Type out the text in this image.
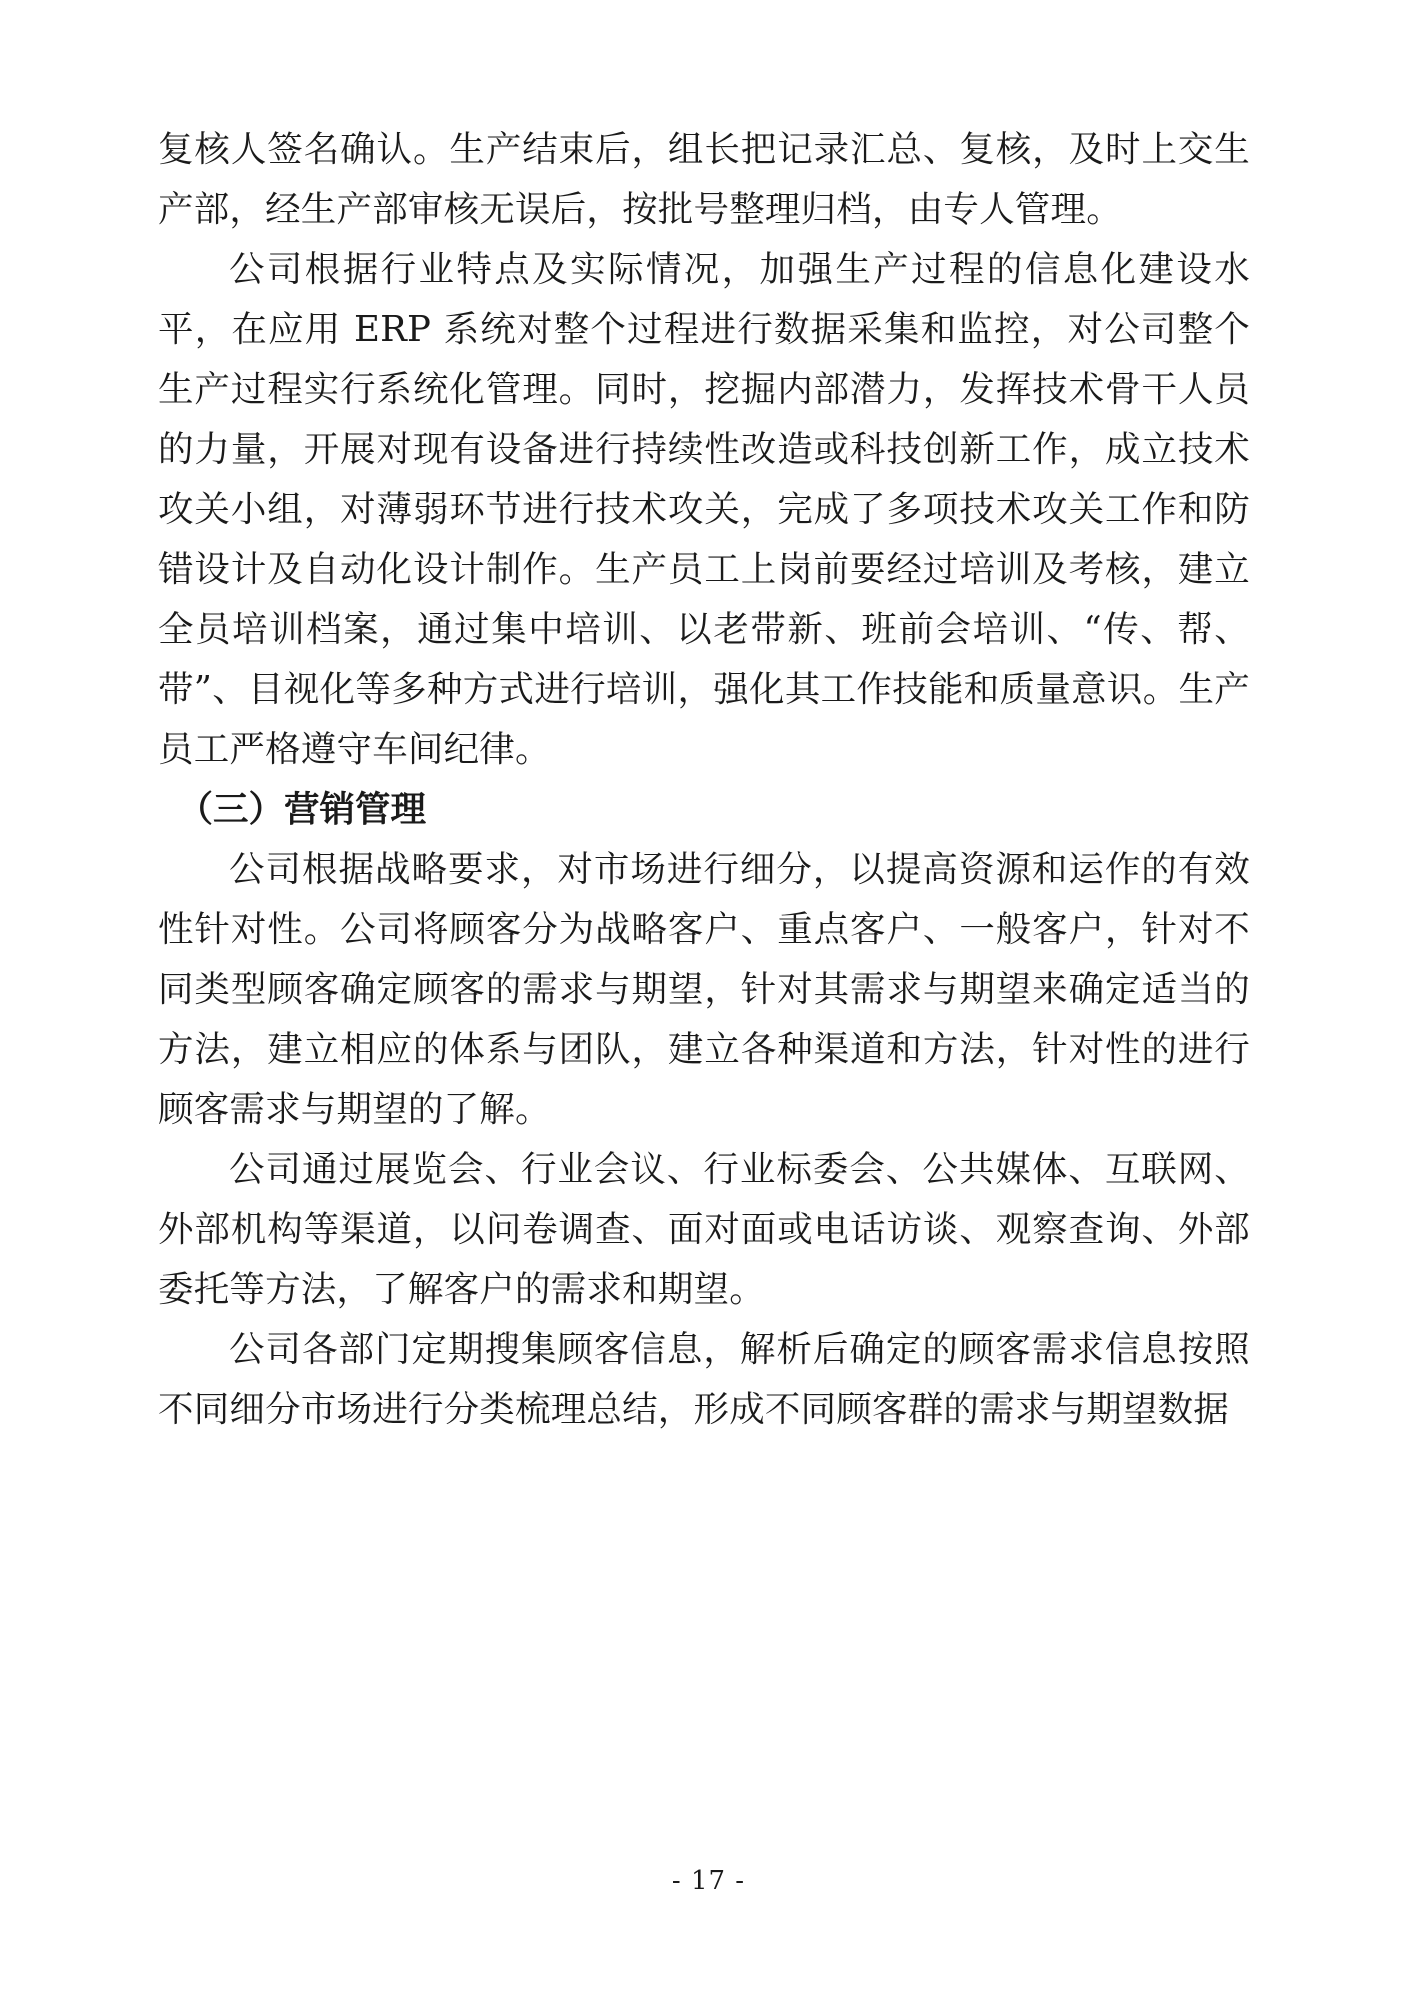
复核人签名确认。生产结束后，组长把记录汇总、复核，及时上交生产部，经生产部审核无误后，按批号整理归档，由专人管理。

公司根据行业特点及实际情况，加强生产过程的信息化建设水平，在应用 ERP 系统对整个过程进行数据采集和监控，对公司整个生产过程实行系统化管理。同时，挖掘内部潜力，发挥技术骨干人员的力量，开展对现有设备进行持续性改造或科技创新工作，成立技术攻关小组，对薄弱环节进行技术攻关，完成了多项技术攻关工作和防错设计及自动化设计制作。生产员工上岗前要经过培训及考核，建立全员培训档案，通过集中培训、以老带新、班前会培训、“传、帮、带”、目视化等多种方式进行培训，强化其工作技能和质量意识。生产员工严格遵守车间纪律。

（三）营销管理

公司根据战略要求，对市场进行细分，以提高资源和运作的有效性针对性。公司将顾客分为战略客户、重点客户、一般客户，针对不同类型顾客确定顾客的需求与期望，针对其需求与期望来确定适当的方法，建立相应的体系与团队，建立各种渠道和方法，针对性的进行顾客需求与期望的了解。

公司通过展览会、行业会议、行业标委会、公共媒体、互联网、外部机构等渠道，以问卷调查、面对面或电话访谈、观察查询、外部委托等方法，了解客户的需求和期望。

公司各部门定期搜集顾客信息，解析后确定的顾客需求信息按照不同细分市场进行分类梳理总结，形成不同顾客群的需求与期望数据

- 17 -
